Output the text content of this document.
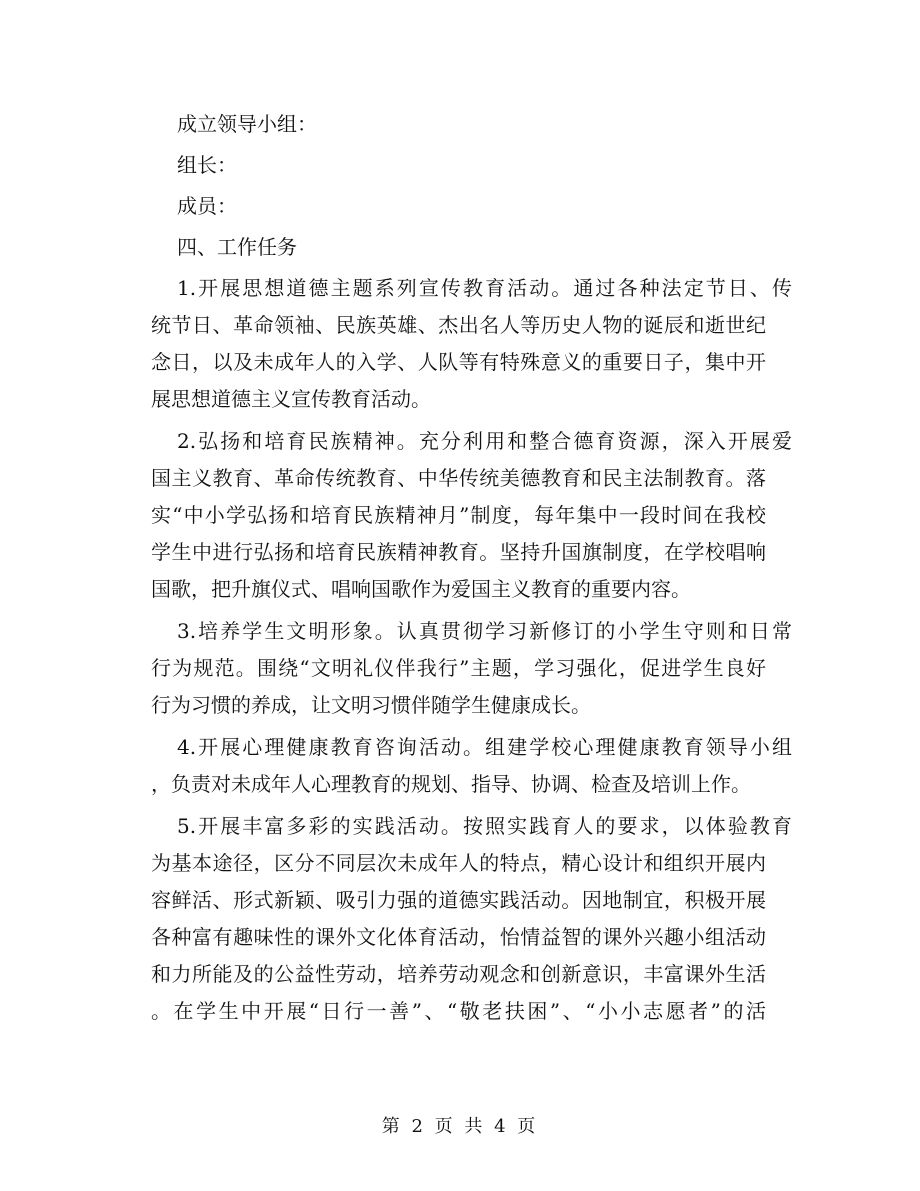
成立领导小组：
组长：
成员：
四、工作任务
1.开展思想道德主题系列宣传教育活动。通过各种法定节日、传
统节日、革命领袖、民族英雄、杰出名人等历史人物的诞辰和逝世纪
念日，以及未成年人的入学、人队等有特殊意义的重要日子，集中开
展思想道德主义宣传教育活动。
2.弘扬和培育民族精神。充分利用和整合德育资源，深入开展爱
国主义教育、革命传统教育、中华传统美德教育和民主法制教育。落
实“中小学弘扬和培育民族精神月”制度，每年集中一段时间在我校
学生中进行弘扬和培育民族精神教育。坚持升国旗制度，在学校唱响
国歌，把升旗仪式、唱响国歌作为爱国主义教育的重要内容。
3.培养学生文明形象。认真贯彻学习新修订的小学生守则和日常
行为规范。围绕“文明礼仪伴我行”主题，学习强化，促进学生良好
行为习惯的养成，让文明习惯伴随学生健康成长。
4.开展心理健康教育咨询活动。组建学校心理健康教育领导小组
，负责对未成年人心理教育的规划、指导、协调、检查及培训上作。
5.开展丰富多彩的实践活动。按照实践育人的要求，以体验教育
为基本途径，区分不同层次未成年人的特点，精心设计和组织开展内
容鲜活、形式新颖、吸引力强的道德实践活动。因地制宜，积极开展
各种富有趣味性的课外文化体育活动，怡情益智的课外兴趣小组活动
和力所能及的公益性劳动，培养劳动观念和创新意识，丰富课外生活
。在学生中开展“日行一善”、“敬老扶困”、“小小志愿者”的活
第 2 页 共 4 页
